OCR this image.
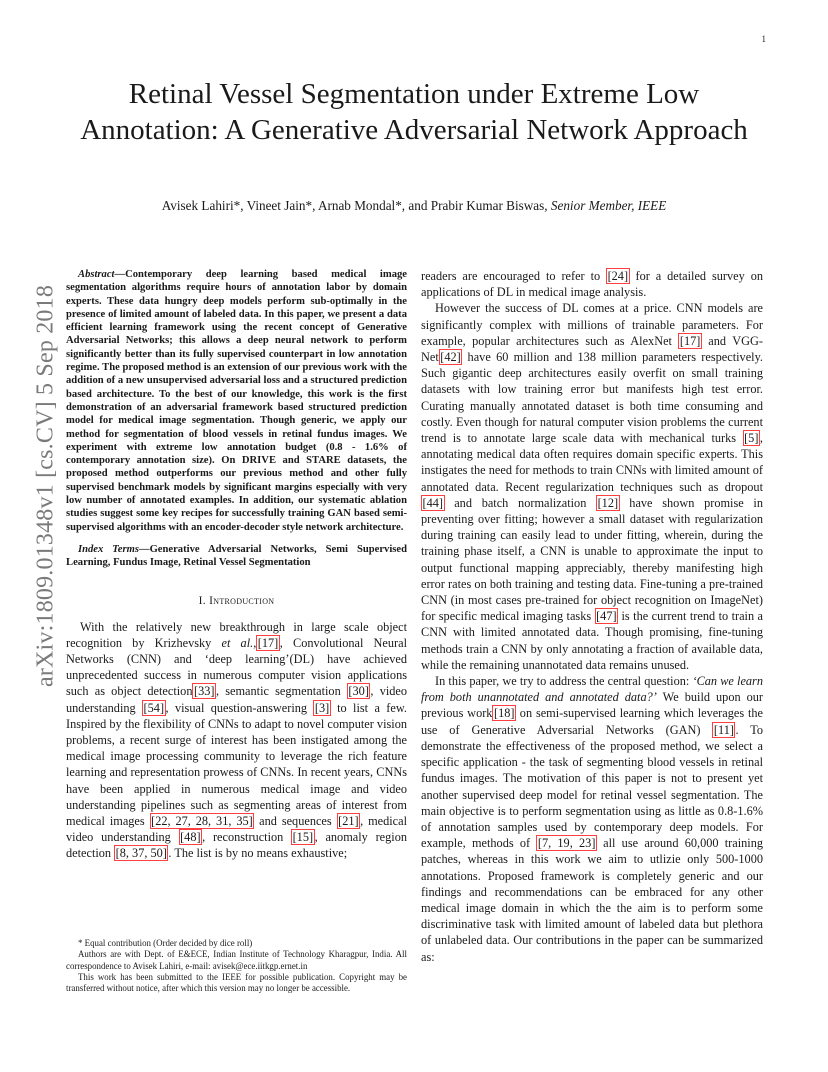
1
arXiv:1809.01348v1 [cs.CV] 5 Sep 2018
Retinal Vessel Segmentation under Extreme Low Annotation: A Generative Adversarial Network Approach
Avisek Lahiri*, Vineet Jain*, Arnab Mondal*, and Prabir Kumar Biswas, Senior Member, IEEE

Abstract—Contemporary deep learning based medical image segmentation algorithms require hours of annotation labor by domain experts. These data hungry deep models perform sub-optimally in the presence of limited amount of labeled data. In this paper, we present a data efficient learning framework using the recent concept of Generative Adversarial Networks; this allows a deep neural network to perform significantly better than its fully supervised counterpart in low annotation regime. The proposed method is an extension of our previous work with the addition of a new unsupervised adversarial loss and a structured prediction based architecture. To the best of our knowledge, this work is the first demonstration of an adversarial framework based structured prediction model for medical image segmentation. Though generic, we apply our method for segmentation of blood vessels in retinal fundus images. We experiment with extreme low annotation budget (0.8 - 1.6% of contemporary annotation size). On DRIVE and STARE datasets, the proposed method outperforms our previous method and other fully supervised benchmark models by significant margins especially with very low number of annotated examples. In addition, our systematic ablation studies suggest some key recipes for successfully training GAN based semi-supervised algorithms with an encoder-decoder style network architecture.

Index Terms—Generative Adversarial Networks, Semi Supervised Learning, Fundus Image, Retinal Vessel Segmentation

I. Introduction

With the relatively new breakthrough in large scale object recognition by Krizhevsky et al., [17] , Convolutional Neural Networks (CNN) and ‘deep learning’(DL) have achieved unprecedented success in numerous computer vision applications such as object detection [33] , semantic segmentation [30] , video understanding [54] , visual question-answering [3] to list a few. Inspired by the flexibility of CNNs to adapt to novel computer vision problems, a recent surge of interest has been instigated among the medical image processing community to leverage the rich feature learning and representation prowess of CNNs. In recent years, CNNs have been applied in numerous medical image and video understanding pipelines such as segmenting areas of interest from medical images [22, 27, 28, 31, 35] and sequences [21] , medical video understanding [48] , reconstruction [15] , anomaly region detection [8, 37, 50] . The list is by no means exhaustive;

* Equal contribution (Order decided by dice roll)

Authors are with Dept. of E&ECE, Indian Institute of Technology Kharagpur, India. All correspondence to Avisek Lahiri, e-mail: avisek@ece.iitkgp.ernet.in

This work has been submitted to the IEEE for possible publication. Copyright may be transferred without notice, after which this version may no longer be accessible.

readers are encouraged to refer to [24] for a detailed survey on applications of DL in medical image analysis.

However the success of DL comes at a price. CNN models are significantly complex with millions of trainable parameters. For example, popular architectures such as AlexNet [17] and VGG-Net [42] have 60 million and 138 million parameters respectively. Such gigantic deep architectures easily overfit on small training datasets with low training error but manifests high test error. Curating manually annotated dataset is both time consuming and costly. Even though for natural computer vision problems the current trend is to annotate large scale data with mechanical turks [5] , annotating medical data often requires domain specific experts. This instigates the need for methods to train CNNs with limited amount of annotated data. Recent regularization techniques such as dropout [44] and batch normalization [12] have shown promise in preventing over fitting; however a small dataset with regularization during training can easily lead to under fitting, wherein, during the training phase itself, a CNN is unable to approximate the input to output functional mapping appreciably, thereby manifesting high error rates on both training and testing data. Fine-tuning a pre-trained CNN (in most cases pre-trained for object recognition on ImageNet) for specific medical imaging tasks [47] is the current trend to train a CNN with limited annotated data. Though promising, fine-tuning methods train a CNN by only annotating a fraction of available data, while the remaining unannotated data remains unused.

In this paper, we try to address the central question: ‘Can we learn from both unannotated and annotated data?’ We build upon our previous work [18] on semi-supervised learning which leverages the use of Generative Adversarial Networks (GAN) [11] . To demonstrate the effectiveness of the proposed method, we select a specific application - the task of segmenting blood vessels in retinal fundus images. The motivation of this paper is not to present yet another supervised deep model for retinal vessel segmentation. The main objective is to perform segmentation using as little as 0.8-1.6% of annotation samples used by contemporary deep models. For example, methods of [7, 19, 23] all use around 60,000 training patches, whereas in this work we aim to utlizie only 500-1000 annotations. Proposed framework is completely generic and our findings and recommendations can be embraced for any other medical image domain in which the the aim is to perform some discriminative task with limited amount of labeled data but plethora of unlabeled data. Our contributions in the paper can be summarized as:
